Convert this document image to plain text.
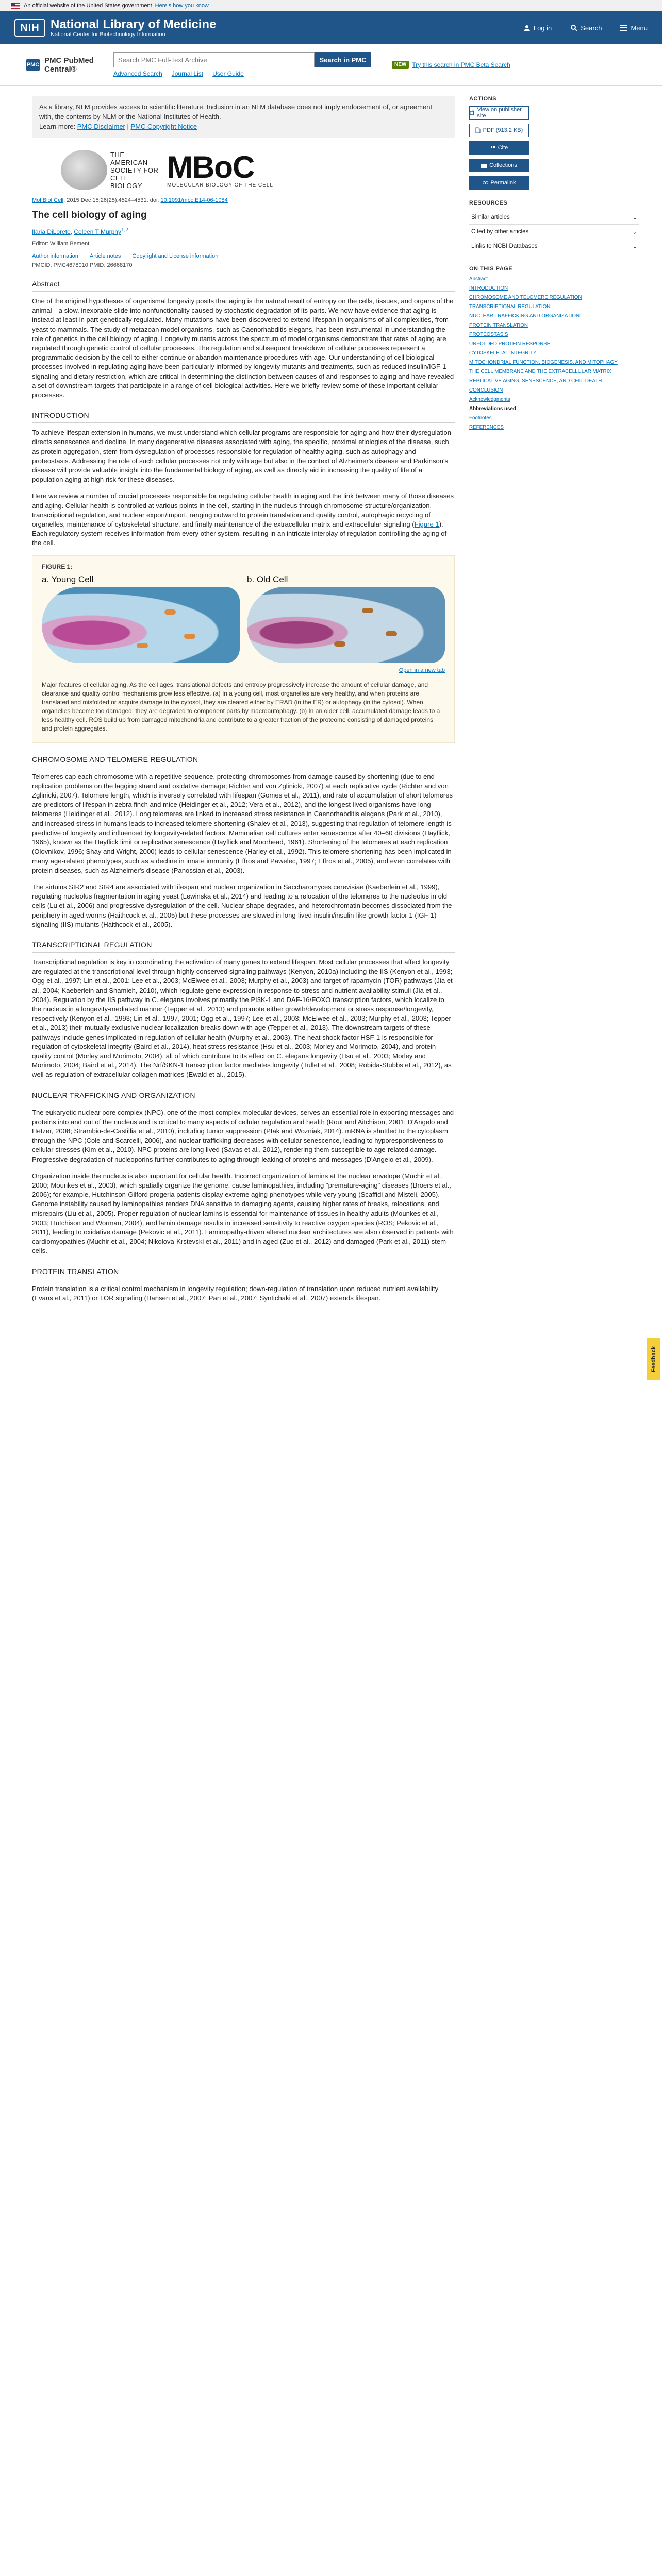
An official website of the United States government Here's how you know
NIH National Library of Medicine
National Center for Biotechnology Information
Log in	Search	Menu
PMC PMC PubMed Central®
Search PMC Full-Text Archive
Search in PMC
Advanced Search Journal List User Guide
NEW Try this search in PMC Beta Search
As a library, NLM provides access to scientific literature. Inclusion in an NLM database does not imply endorsement of, or agreement with, the contents by NLM or the National Institutes of Health.
Learn more: PMC Disclaimer | PMC Copyright Notice
THE AMERICAN SOCIETY FOR CELL BIOLOGY
MBoC
MOLECULAR BIOLOGY OF THE CELL
Mol Biol Cell. 2015 Dec 15;26(25):4524–4531. doi: 10.1091/mbc.E14-06-1084
The cell biology of aging
Ilaria DiLoreto, Coleen T Murphy$^{1,2}$
Editor: William Bement
Author information Article notes Copyright and License information
PMCID: PMC4678010 PMID: 26668170
Abstract

One of the original hypotheses of organismal longevity posits that aging is the natural result of entropy on the cells, tissues, and organs of the animal—a slow, inexorable slide into nonfunctionality caused by stochastic degradation of its parts. We now have evidence that aging is instead at least in part genetically regulated. Many mutations have been discovered to extend lifespan in organisms of all complexities, from yeast to mammals. The study of metazoan model organisms, such as Caenorhabditis elegans, has been instrumental in understanding the role of genetics in the cell biology of aging. Longevity mutants across the spectrum of model organisms demonstrate that rates of aging are regulated through genetic control of cellular processes. The regulation and subsequent breakdown of cellular processes represent a programmatic decision by the cell to either continue or abandon maintenance procedures with age. Our understanding of cell biological processes involved in regulating aging have been particularly informed by longevity mutants and treatments, such as reduced insulin/IGF-1 signaling and dietary restriction, which are critical in determining the distinction between causes of and responses to aging and have revealed a set of downstream targets that participate in a range of cell biological activities. Here we briefly review some of these important cellular processes.

INTRODUCTION

To achieve lifespan extension in humans, we must understand which cellular programs are responsible for aging and how their dysregulation directs senescence and decline. In many degenerative diseases associated with aging, the specific, proximal etiologies of the disease, such as protein aggregation, stem from dysregulation of processes responsible for regulation of healthy aging, such as autophagy and proteostasis. Addressing the role of such cellular processes not only with age but also in the context of Alzheimer's disease and Parkinson's disease will provide valuable insight into the fundamental biology of aging, as well as directly aid in increasing the quality of life of a population aging at high risk for these diseases.

Here we review a number of crucial processes responsible for regulating cellular health in aging and the link between many of those diseases and aging. Cellular health is controlled at various points in the cell, starting in the nucleus through chromosome structure/organization, transcriptional regulation, and nuclear export/import, ranging outward to protein translation and quality control, autophagic recycling of organelles, maintenance of cytoskeletal structure, and finally maintenance of the extracellular matrix and extracellular signaling (Figure 1). Each regulatory system receives information from every other system, resulting in an intricate interplay of regulation controlling the aging of the cell.

FIGURE 1:
a. Young Cell	b. Old Cell
Open in a new tab
Major features of cellular aging. As the cell ages, translational defects and entropy progressively increase the amount of cellular damage, and clearance and quality control mechanisms grow less effective. (a) In a young cell, most organelles are very healthy, and when proteins are translated and misfolded or acquire damage in the cytosol, they are cleared either by ERAD (in the ER) or autophagy (in the cytosol). When organelles become too damaged, they are degraded to component parts by macroautophagy. (b) In an older cell, accumulated damage leads to a less healthy cell. ROS build up from damaged mitochondria and contribute to a greater fraction of the proteome consisting of damaged proteins and protein aggregates.
CHROMOSOME AND TELOMERE REGULATION

Telomeres cap each chromosome with a repetitive sequence, protecting chromosomes from damage caused by shortening (due to end-replication problems on the lagging strand and oxidative damage; Richter and von Zglinicki, 2007) at each replicative cycle (Richter and von Zglinicki, 2007). Telomere length, which is inversely correlated with lifespan (Gomes et al., 2011), and rate of accumulation of short telomeres are predictors of lifespan in zebra finch and mice (Heidinger et al., 2012; Vera et al., 2012), and the longest-lived organisms have long telomeres (Heidinger et al., 2012). Long telomeres are linked to increased stress resistance in Caenorhabditis elegans (Park et al., 2010), and increased stress in humans leads to increased telomere shortening (Shalev et al., 2013), suggesting that regulation of telomere length is predictive of longevity and influenced by longevity-related factors. Mammalian cell cultures enter senescence after 40–60 divisions (Hayflick, 1965), known as the Hayflick limit or replicative senescence (Hayflick and Moorhead, 1961). Shortening of the telomeres at each replication (Olovnikov, 1996; Shay and Wright, 2000) leads to cellular senescence (Harley et al., 1992). This telomere shortening has been implicated in many age-related phenotypes, such as a decline in innate immunity (Effros and Pawelec, 1997; Effros et al., 2005), and even correlates with protein diseases, such as Alzheimer's disease (Panossian et al., 2003).

The sirtuins SIR2 and SIR4 are associated with lifespan and nuclear organization in Saccharomyces cerevisiae (Kaeberlein et al., 1999), regulating nucleolus fragmentation in aging yeast (Lewinska et al., 2014) and leading to a relocation of the telomeres to the nucleolus in old cells (Lu et al., 2006) and progressive dysregulation of the cell. Nuclear shape degrades, and heterochromatin becomes dissociated from the periphery in aged worms (Haithcock et al., 2005) but these processes are slowed in long-lived insulin/insulin-like growth factor 1 (IGF-1) signaling (IIS) mutants (Haithcock et al., 2005).

TRANSCRIPTIONAL REGULATION

Transcriptional regulation is key in coordinating the activation of many genes to extend lifespan. Most cellular processes that affect longevity are regulated at the transcriptional level through highly conserved signaling pathways (Kenyon, 2010a) including the IIS (Kenyon et al., 1993; Ogg et al., 1997; Lin et al., 2001; Lee et al., 2003; McElwee et al., 2003; Murphy et al., 2003) and target of rapamycin (TOR) pathways (Jia et al., 2004; Kaeberlein and Shamieh, 2010), which regulate gene expression in response to stress and nutrient availability stimuli (Jia et al., 2004). Regulation by the IIS pathway in C. elegans involves primarily the PI3K-1 and DAF-16/FOXO transcription factors, which localize to the nucleus in a longevity-mediated manner (Tepper et al., 2013) and promote either growth/development or stress response/longevity, respectively (Kenyon et al., 1993; Lin et al., 1997, 2001; Ogg et al., 1997; Lee et al., 2003; McElwee et al., 2003; Murphy et al., 2003; Tepper et al., 2013) their mutually exclusive nuclear localization breaks down with age (Tepper et al., 2013). The downstream targets of these pathways include genes implicated in regulation of cellular health (Murphy et al., 2003). The heat shock factor HSF-1 is responsible for regulation of cytoskeletal integrity (Baird et al., 2014), heat stress resistance (Hsu et al., 2003; Morley and Morimoto, 2004), and protein quality control (Morley and Morimoto, 2004), all of which contribute to its effect on C. elegans longevity (Hsu et al., 2003; Morley and Morimoto, 2004; Baird et al., 2014). The Nrf/SKN-1 transcription factor mediates longevity (Tullet et al., 2008; Robida-Stubbs et al., 2012), as well as regulation of extracellular collagen matrices (Ewald et al., 2015).

NUCLEAR TRAFFICKING AND ORGANIZATION

The eukaryotic nuclear pore complex (NPC), one of the most complex molecular devices, serves an essential role in exporting messages and proteins into and out of the nucleus and is critical to many aspects of cellular regulation and health (Rout and Aitchison, 2001; D'Angelo and Hetzer, 2008; Strambio-de-Castillia et al., 2010), including tumor suppression (Ptak and Wozniak, 2014). mRNA is shuttled to the cytoplasm through the NPC (Cole and Scarcelli, 2006), and nuclear trafficking decreases with cellular senescence, leading to hyporesponsiveness to cellular stresses (Kim et al., 2010). NPC proteins are long lived (Savas et al., 2012), rendering them susceptible to age-related damage. Progressive degradation of nucleoporins further contributes to aging through leaking of proteins and messages (D'Angelo et al., 2009).

Organization inside the nucleus is also important for cellular health. Incorrect organization of lamins at the nuclear envelope (Muchir et al., 2000; Mounkes et al., 2003), which spatially organize the genome, cause laminopathies, including "premature-aging" diseases (Broers et al., 2006); for example, Hutchinson-Gilford progeria patients display extreme aging phenotypes while very young (Scaffidi and Misteli, 2005). Genome instability caused by laminopathies renders DNA sensitive to damaging agents, causing higher rates of breaks, relocations, and misrepairs (Liu et al., 2005). Proper regulation of nuclear lamins is essential for maintenance of tissues in healthy adults (Mounkes et al., 2003; Hutchison and Worman, 2004), and lamin damage results in increased sensitivity to reactive oxygen species (ROS; Pekovic et al., 2011), leading to oxidative damage (Pekovic et al., 2011). Laminopathy-driven altered nuclear architectures are also observed in patients with cardiomyopathies (Muchir et al., 2004; Nikolova-Krstevski et al., 2011) and in aged (Zuo et al., 2012) and damaged (Park et al., 2011) stem cells.

PROTEIN TRANSLATION

Protein translation is a critical control mechanism in longevity regulation; down-regulation of translation upon reduced nutrient availability (Evans et al., 2011) or TOR signaling (Hansen et al., 2007; Pan et al., 2007; Syntichaki et al., 2007) extends lifespan.

ACTIONS
View on publisher site
PDF (913.2 KB)
Cite
Collections
Permalink
RESOURCES
Similar articles	⌄
Cited by other articles	⌄
Links to NCBI Databases	⌄
ON THIS PAGE
Abstract
INTRODUCTION
CHROMOSOME AND TELOMERE REGULATION
TRANSCRIPTIONAL REGULATION
NUCLEAR TRAFFICKING AND ORGANIZATION
PROTEIN TRANSLATION
PROTEOSTASIS
UNFOLDED PROTEIN RESPONSE
CYTOSKELETAL INTEGRITY
MITOCHONDRIAL FUNCTION, BIOGENESIS, AND MITOPHAGY
THE CELL MEMBRANE AND THE EXTRACELLULAR MATRIX
REPLICATIVE AGING, SENESCENCE, AND CELL DEATH
CONCLUSION
Acknowledgments
Abbreviations used
Footnotes
REFERENCES
Feedback
